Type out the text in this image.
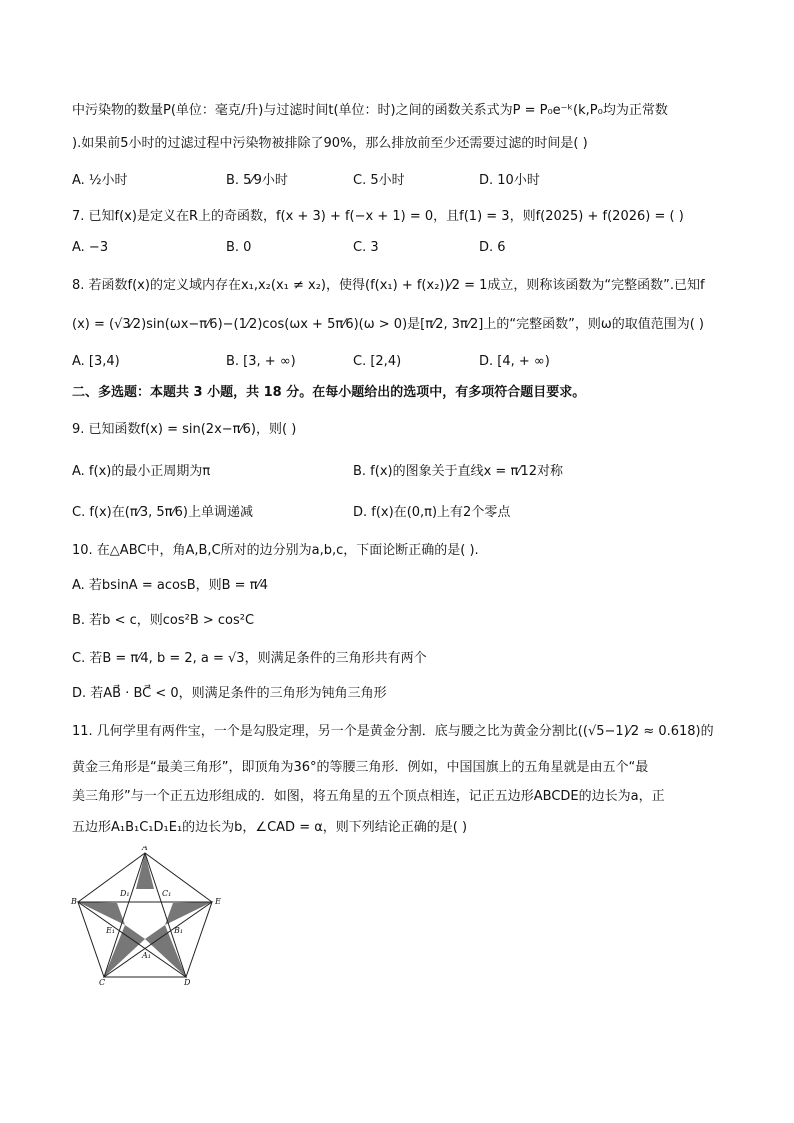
中污染物的数量P(单位：毫克/升)与过滤时间t(单位：时)之间的函数关系式为P = P₀e⁻ᵏ(k,P₀均为正常数
).如果前5小时的过滤过程中污染物被排除了90%，那么排放前至少还需要过滤的时间是( )
A. ½小时	B. 5⁄9小时	C. 5小时	D. 10小时
7. 已知f(x)是定义在R上的奇函数，f(x + 3) + f(−x + 1) = 0，且f(1) = 3，则f(2025) + f(2026) = ( )
A. −3	B. 0	C. 3	D. 6
8. 若函数f(x)的定义域内存在x₁,x₂(x₁ ≠ x₂)，使得(f(x₁) + f(x₂))⁄2 = 1成立，则称该函数为“完整函数”.已知f
(x) = (√3⁄2)sin(ωx−π⁄6)−(1⁄2)cos(ωx + 5π⁄6)(ω > 0)是[π⁄2, 3π⁄2]上的“完整函数”，则ω的取值范围为( )
A. [3,4)	B. [3, + ∞)	C. [2,4)	D. [4, + ∞)
二、多选题：本题共 3 小题，共 18 分。在每小题给出的选项中，有多项符合题目要求。
9. 已知函数f(x) = sin(2x−π⁄6)，则( )
A. f(x)的最小正周期为π	B. f(x)的图象关于直线x = π⁄12对称
C. f(x)在(π⁄3, 5π⁄6)上单调递减	D. f(x)在(0,π)上有2个零点
10. 在△ABC中，角A,B,C所对的边分别为a,b,c，下面论断正确的是( ).
A. 若bsinA = acosB，则B = π⁄4
B. 若b < c，则cos²B > cos²C
C. 若B = π⁄4, b = 2, a = √3，则满足条件的三角形共有两个
D. 若AB⃗ · BC⃗ < 0，则满足条件的三角形为钝角三角形
11. 几何学里有两件宝，一个是勾股定理，另一个是黄金分割．底与腰之比为黄金分割比((√5−1)⁄2 ≈ 0.618)的
黄金三角形是“最美三角形”，即顶角为36°的等腰三角形．例如，中国国旗上的五角星就是由五个“最
美三角形”与一个正五边形组成的．如图，将五角星的五个顶点相连，记正五边形ABCDE的边长为a，正
五边形A₁B₁C₁D₁E₁的边长为b，∠CAD = α，则下列结论正确的是( )
A
B
C	D
E
A₁
B₁
C₁
D₁
E₁
